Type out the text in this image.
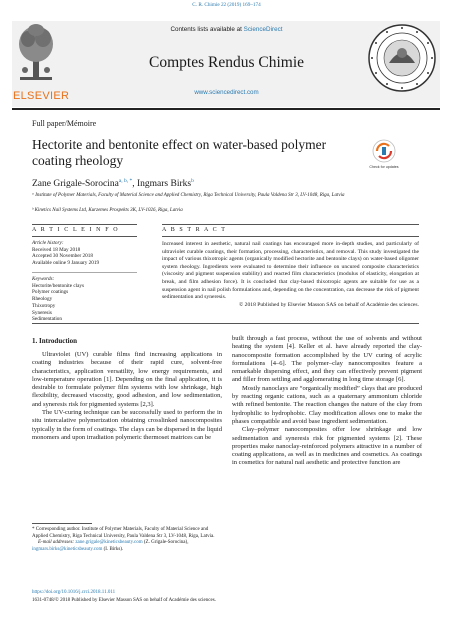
C. R. Chimie 22 (2019) 169–174
ELSEVIER
Contents lists available at ScienceDirect
Comptes Rendus Chimie
www.sciencedirect.com
Full paper/Mémoire
Hectorite and bentonite effect on water-based polymer coating rheology	Check for updates
Zane Grigale-Sorocina$^{a, b, *}$, Ingmars Birks$^b$
ᵃ Institute of Polymer Materials, Faculty of Material Science and Applied Chemistry, Riga Technical University, Paula Valdena Str 3, LV-1048, Riga, Latvia
ᵇ Kinetics Nail Systems Ltd, Kurzemes Prospekts 3K, LV-1026, Riga, Latvia
A R T I C L E I N F O	A B S T R A C T
Article history:
Received 18 May 2018
Accepted 30 November 2018
Available online 9 January 2019
Keywords:
Hectorite/bentonite clays
Polymer coatings
Rheology
Thixotropy
Syneresis
Sedimentation
Increased interest in aesthetic, natural nail coatings has encouraged more in-depth studies, and particularly of ultraviolet curable coatings, their formation, processing, characteristics, and removal. This study investigated the impact of various thixotropic agents (organically modified hectorite and bentonite clays) on water-based oligomer system rheology. Ingredients were evaluated to determine their influence on uncured composite characteristics (viscosity and pigment suspension stability) and reacted film characteristics (modulus of elasticity, elongation at break, and film adhesion force). It is concluded that clay-based thixotropic agents are suitable for use as a suspension agent in nail polish formulations and, depending on the concentration, can decrease the risk of pigment sedimentation and syneresis.
© 2018 Published by Elsevier Masson SAS on behalf of Académie des sciences.
1. Introduction

Ultraviolet (UV) curable films find increasing applications in coating industries because of their rapid cure, solvent-free characteristics, application versatility, low energy requirements, and low-temperature operation [1]. Depending on the final application, it is desirable to formulate polymer film systems with low shrinkage, high flexibility, decreased viscosity, good adhesion, and low sedimentation, and syneresis risk for pigmented systems [2,3].

The UV-curing technique can be successfully used to perform the in situ intercalative polymerization obtaining crosslinked nanocomposites typically in the form of coatings. The clays can be dispersed in the liquid monomers and upon irradiation polymeric thermoset matrices can be

built through a fast process, without the use of solvents and without heating the system [4]. Keller et al. have already reported the clay-nanocomposite formation accomplished by the UV curing of acrylic formulations [4–6]. The polymer–clay nanocomposites feature a remarkable dispersing effect, and they can effectively prevent pigment and filler from settling and agglomerating in long time storage [6].

Mostly nanoclays are “organically modified” clays that are produced by reacting organic cations, such as a quaternary ammonium chloride with refined bentonite. The reaction changes the nature of the clay from hydrophilic to hydrophobic. Clay modification allows one to make the phases compatible and avoid base ingredient sedimentation.

Clay–polymer nanocomposites offer low shrinkage and low sedimentation and syneresis risk for pigmented systems [2]. These properties make nanoclay-reinforced polymers attractive in a number of coating applications, as well as in medicines and cosmetics. As coatings in cosmetics for natural nail aesthetic and protective function are

* Corresponding author. Institute of Polymer Materials, Faculty of Material Science and Applied Chemistry, Riga Technical University, Paula Valdena Str 3, LV-1048, Riga, Latvia.
E-mail addresses: zane.grigale@kineticsbeauty.com (Z. Grigale-Sorocina), ingmars.birks@kineticsbeauty.com (I. Birks).
https://doi.org/10.1016/j.crci.2018.11.011
1631-0748/© 2018 Published by Elsevier Masson SAS on behalf of Académie des sciences.
